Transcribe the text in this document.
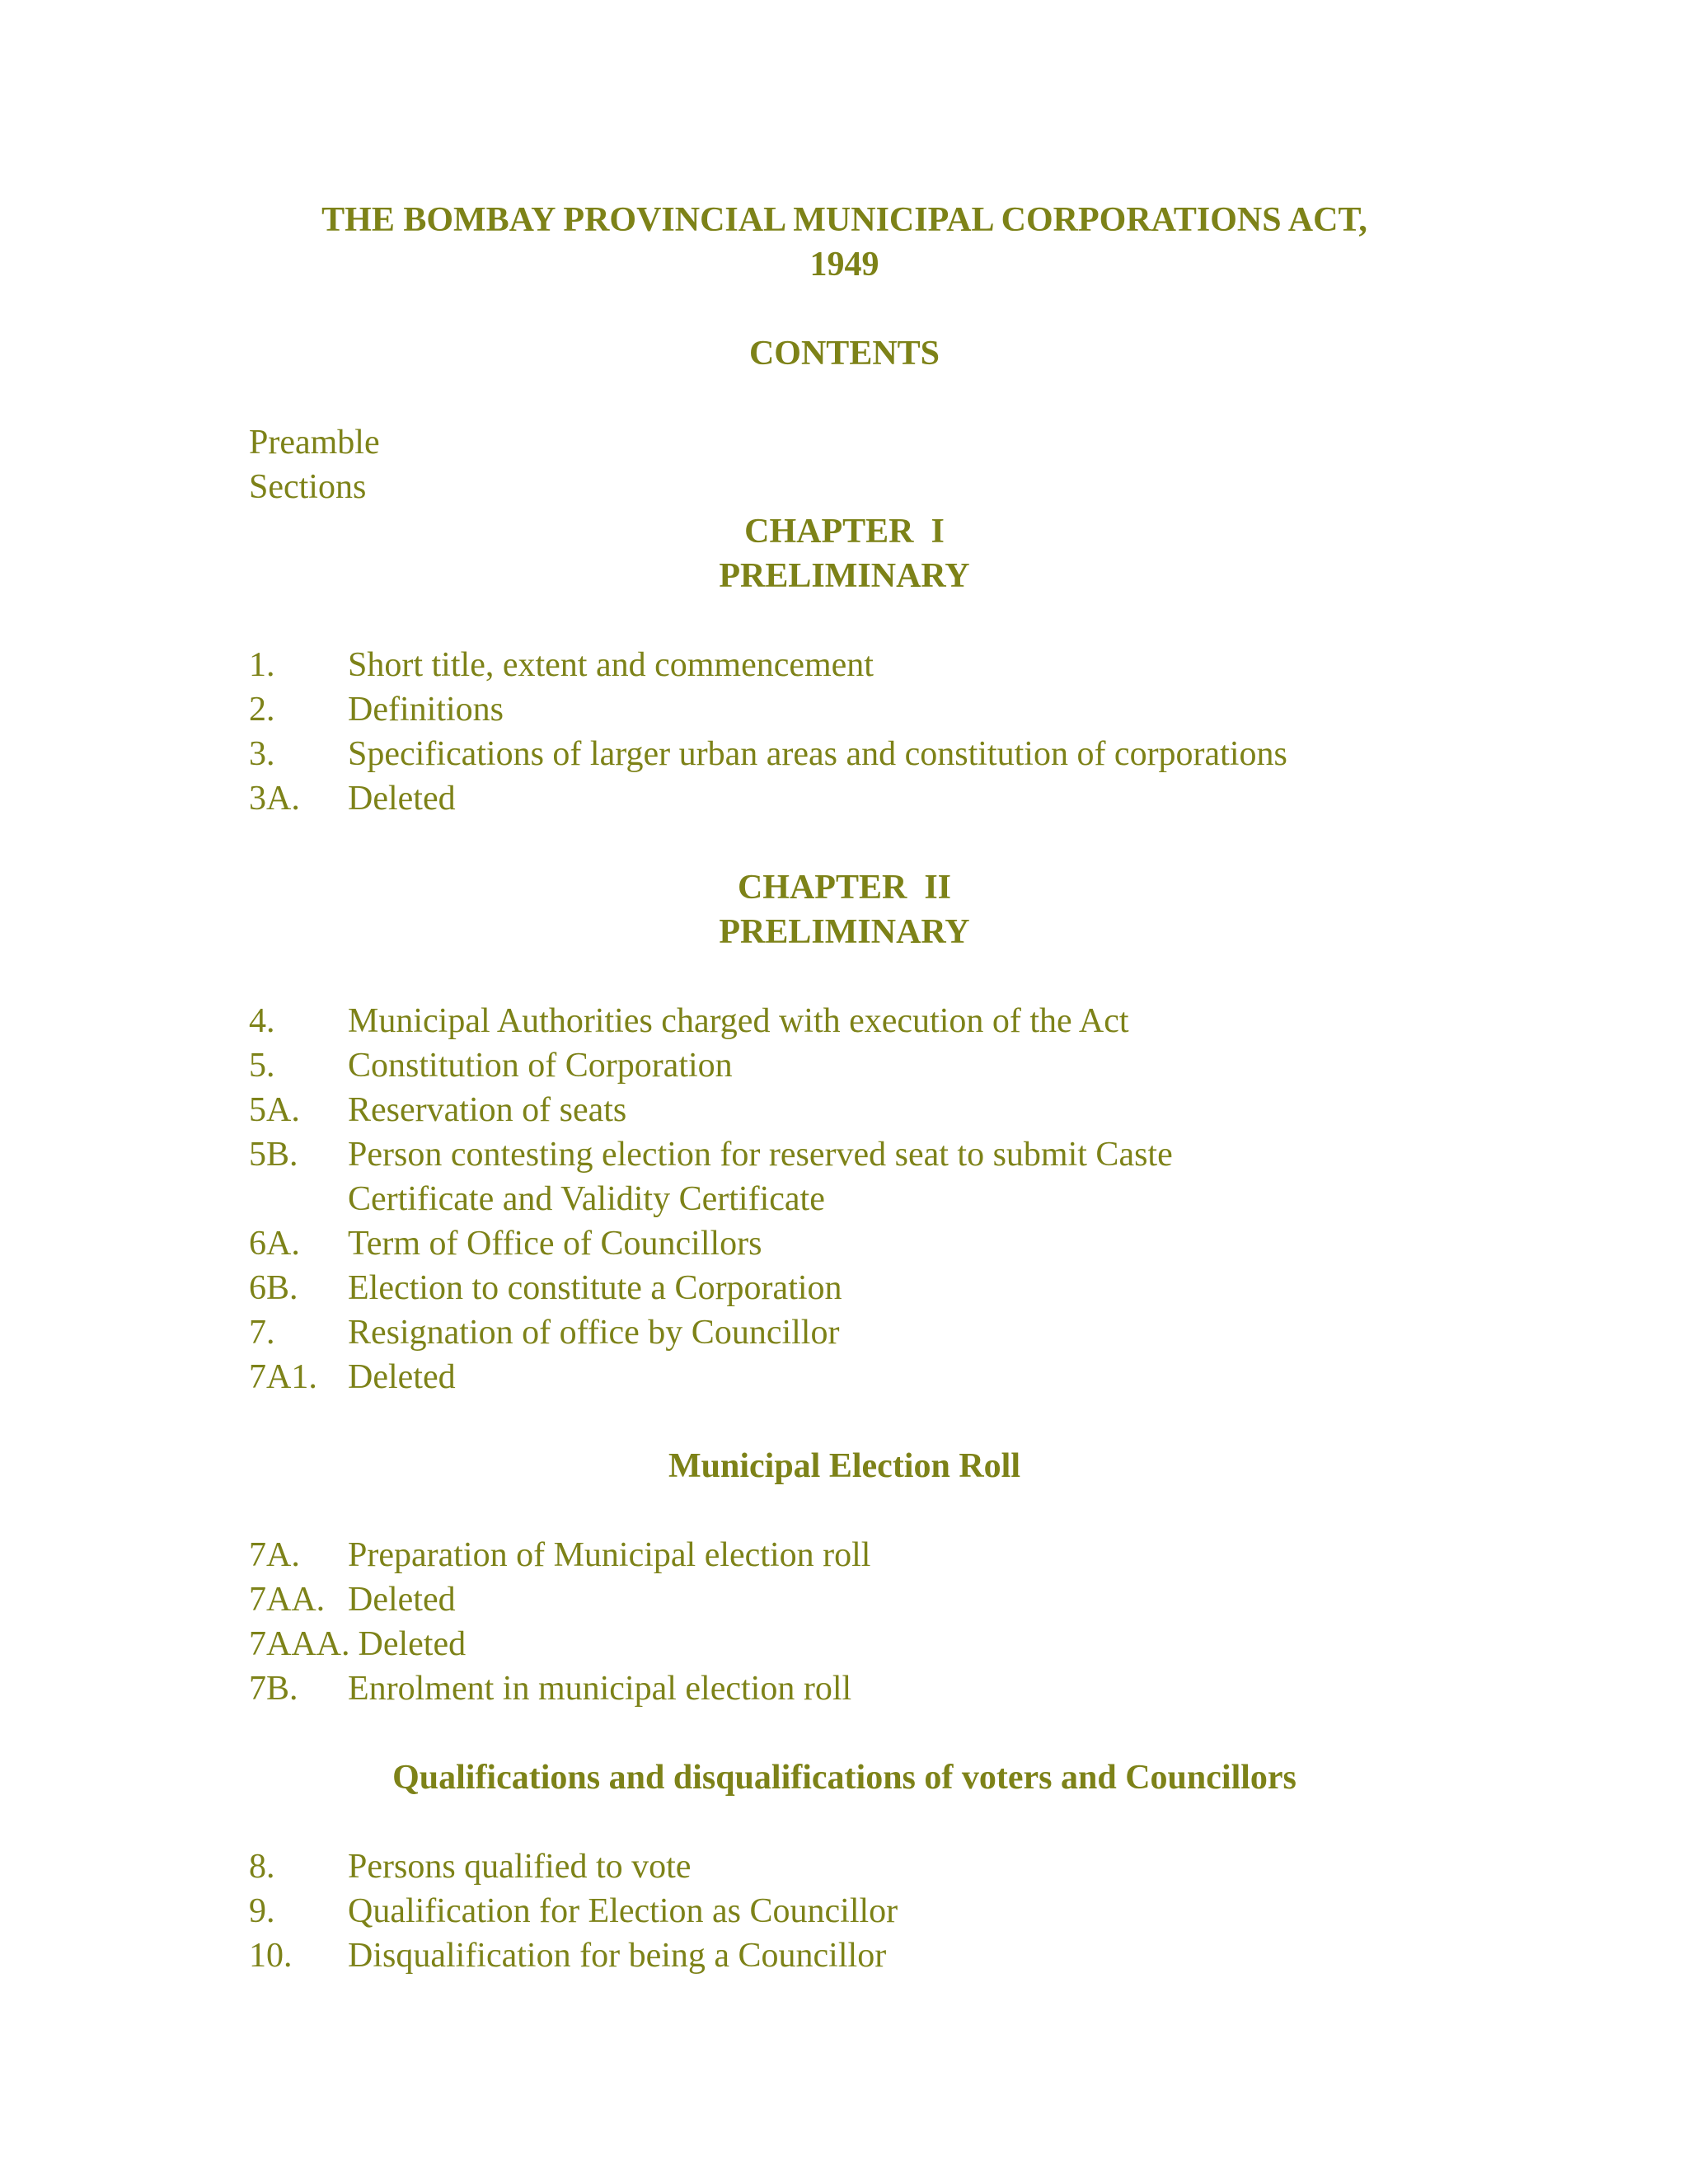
THE BOMBAY PROVINCIAL MUNICIPAL CORPORATIONS ACT,
1949
CONTENTS
Preamble
Sections
CHAPTER  I
PRELIMINARY
1.	Short title, extent and commencement
2.	Definitions
3.	Specifications of larger urban areas and constitution of corporations
3A.	Deleted
CHAPTER  II
PRELIMINARY
4.	Municipal Authorities charged with execution of the Act
5.	Constitution of Corporation
5A.	Reservation of seats
5B.	Person contesting election for reserved seat to submit Caste Certificate and Validity Certificate
6A.	Term of Office of Councillors
6B.	Election to constitute a Corporation
7.	Resignation of office by Councillor
7A1. Deleted
Municipal Election Roll
7A.	Preparation of Municipal election roll
7AA. Deleted
7AAA. Deleted
7B.	Enrolment in municipal election roll
Qualifications and disqualifications of voters and Councillors
8.	Persons qualified to vote
9.	Qualification for Election as Councillor
10.	Disqualification for being a Councillor
